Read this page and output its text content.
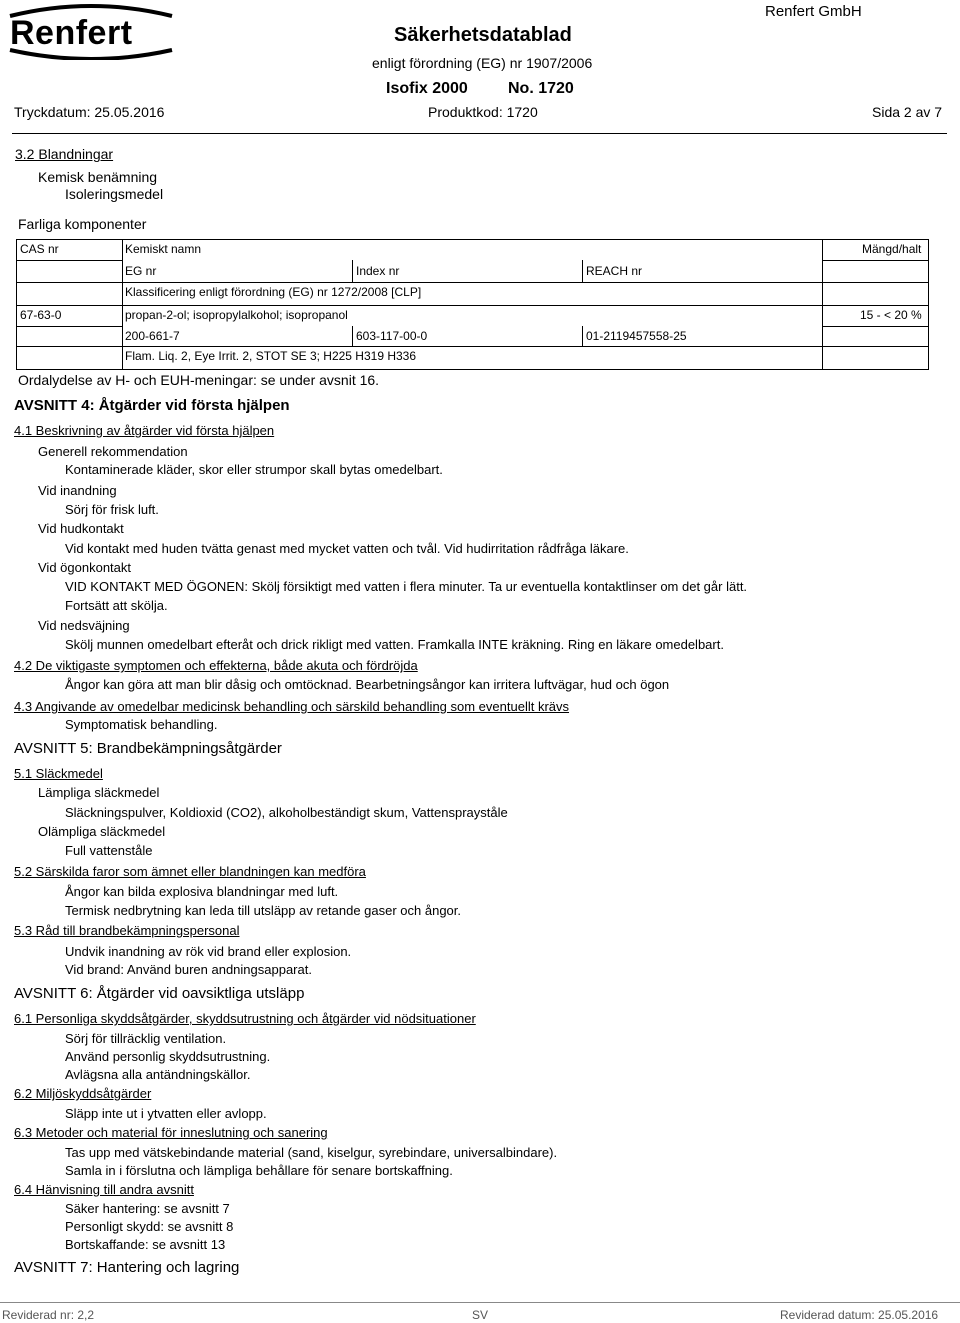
Renfert	Säkerhetsdatablad
Renfert GmbH
enligt förordning (EG) nr 1907/2006
Isofix 2000	No. 1720
Tryckdatum: 25.05.2016	Produktkod: 1720	Sida 2 av 7
3.2 Blandningar
Kemisk benämning
Isoleringsmedel
Farliga komponenter
CAS nr	Kemiskt namn	Mängd/halt
EG nr	Index nr	REACH nr
Klassificering enligt förordning (EG) nr 1272/2008 [CLP]
67-63-0	propan-2-ol; isopropylalkohol; isopropanol	15 - < 20 %
200-661-7	603-117-00-0	01-2119457558-25
Flam. Liq. 2, Eye Irrit. 2, STOT SE 3; H225 H319 H336
Ordalydelse av H- och EUH-meningar: se under avsnit 16.
AVSNITT 4: Åtgärder vid första hjälpen
4.1 Beskrivning av åtgärder vid första hjälpen
Generell rekommendation
Kontaminerade kläder, skor eller strumpor skall bytas omedelbart.
Vid inandning
Sörj för frisk luft.
Vid hudkontakt
Vid kontakt med huden tvätta genast med mycket vatten och tvål. Vid hudirritation rådfråga läkare.
Vid ögonkontakt
VID KONTAKT MED ÖGONEN: Skölj försiktigt med vatten i flera minuter. Ta ur eventuella kontaktlinser om det går lätt.
Fortsätt att skölja.
Vid nedsväjning
Skölj munnen omedelbart efteråt och drick rikligt med vatten. Framkalla INTE kräkning. Ring en läkare omedelbart.
4.2 De viktigaste symptomen och effekterna, både akuta och fördröjda
Ångor kan göra att man blir dåsig och omtöcknad. Bearbetningsångor kan irritera luftvägar, hud och ögon
4.3 Angivande av omedelbar medicinsk behandling och särskild behandling som eventuellt krävs
Symptomatisk behandling.
AVSNITT 5: Brandbekämpningsåtgärder
5.1 Släckmedel
Lämpliga släckmedel
Släckningspulver, Koldioxid (CO2), alkoholbeständigt skum, Vattensprayståle
Olämpliga släckmedel
Full vattenståle
5.2 Särskilda faror som ämnet eller blandningen kan medföra
Ångor kan bilda explosiva blandningar med luft.
Termisk nedbrytning kan leda till utsläpp av retande gaser och ångor.
5.3 Råd till brandbekämpningspersonal
Undvik inandning av rök vid brand eller explosion.
Vid brand: Använd buren andningsapparat.
AVSNITT 6: Åtgärder vid oavsiktliga utsläpp
6.1 Personliga skyddsåtgärder, skyddsutrustning och åtgärder vid nödsituationer
Sörj för tillräcklig ventilation.
Använd personlig skyddsutrustning.
Avlägsna alla antändningskällor.
6.2 Miljöskyddsåtgärder
Släpp inte ut i ytvatten eller avlopp.
6.3 Metoder och material för inneslutning och sanering
Tas upp med vätskebindande material (sand, kiselgur, syrebindare, universalbindare).
Samla in i förslutna och lämpliga behållare för senare bortskaffning.
6.4 Hänvisning till andra avsnitt
Säker hantering: se avsnitt 7
Personligt skydd: se avsnitt 8
Bortskaffande: se avsnitt 13
AVSNITT 7: Hantering och lagring
Reviderad nr: 2,2	SV	Reviderad datum: 25.05.2016
